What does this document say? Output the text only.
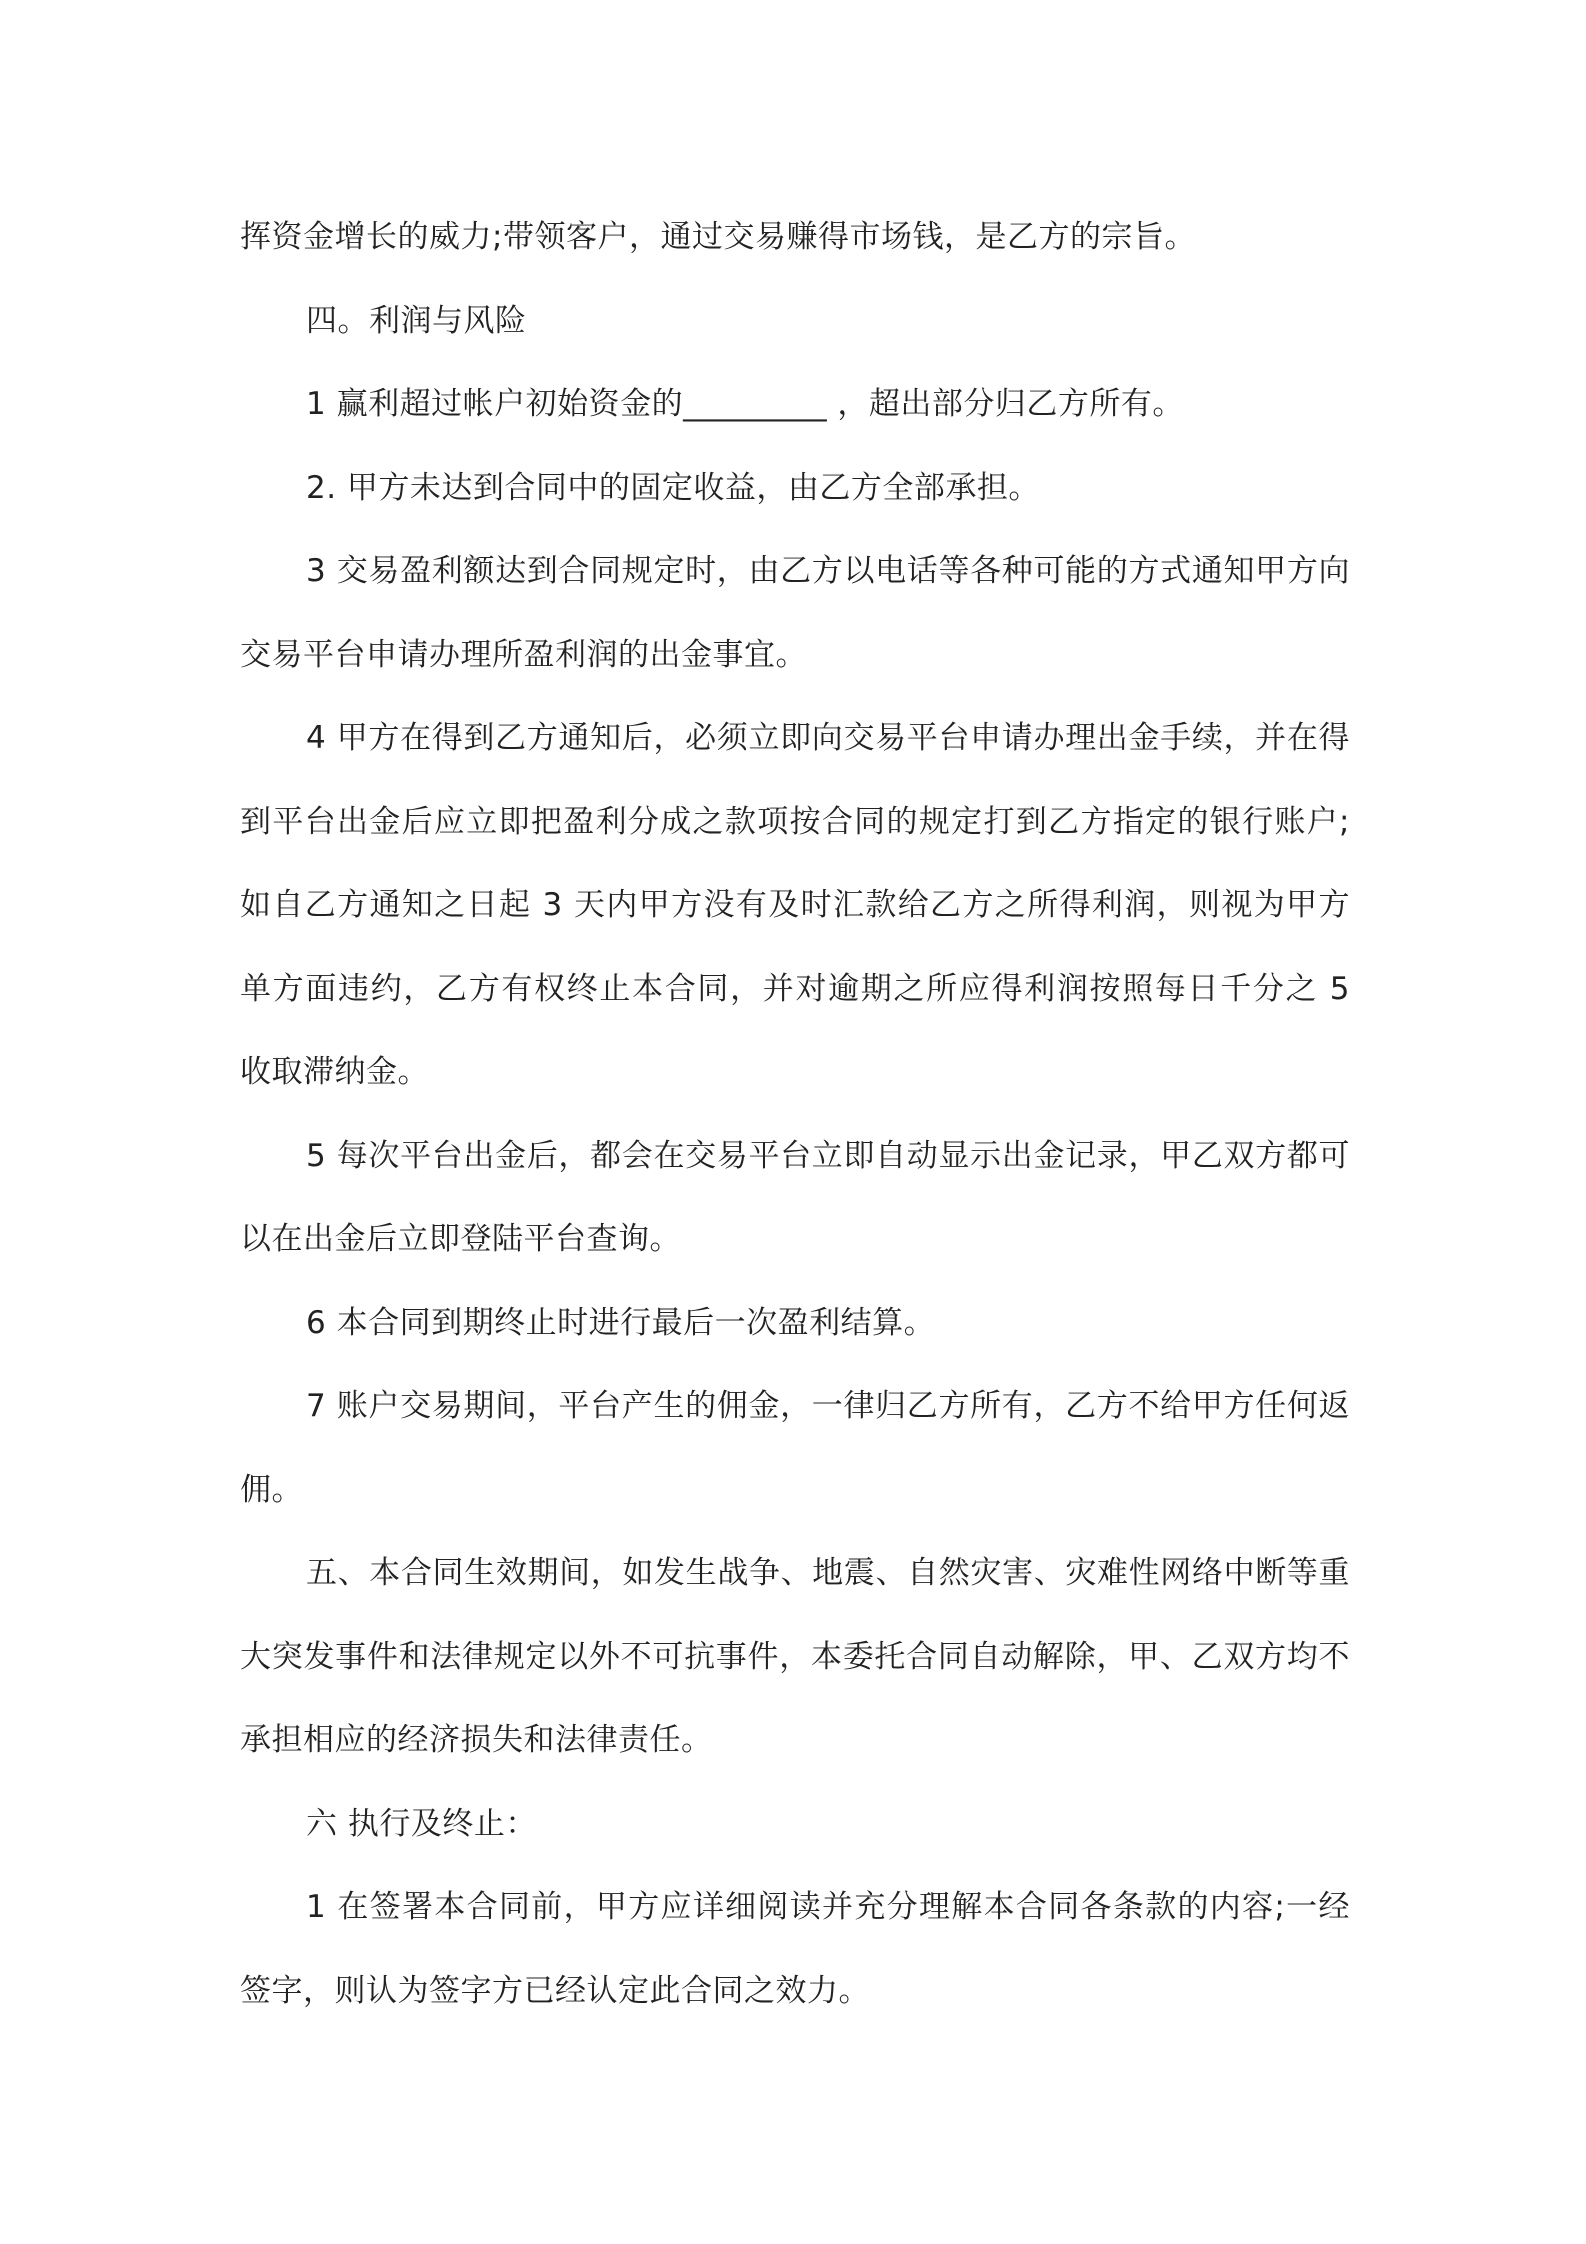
挥资金增长的威力;带领客户，通过交易赚得市场钱，是乙方的宗旨。

四。利润与风险

1 赢利超过帐户初始资金的_________ ，超出部分归乙方所有。

2. 甲方未达到合同中的固定收益，由乙方全部承担。

3 交易盈利额达到合同规定时，由乙方以电话等各种可能的方式通知甲方向交易平台申请办理所盈利润的出金事宜。

4 甲方在得到乙方通知后，必须立即向交易平台申请办理出金手续，并在得到平台出金后应立即把盈利分成之款项按合同的规定打到乙方指定的银行账户;如自乙方通知之日起 3 天内甲方没有及时汇款给乙方之所得利润，则视为甲方单方面违约，乙方有权终止本合同，并对逾期之所应得利润按照每日千分之 5 收取滞纳金。

5 每次平台出金后，都会在交易平台立即自动显示出金记录，甲乙双方都可以在出金后立即登陆平台查询。

6 本合同到期终止时进行最后一次盈利结算。

7 账户交易期间，平台产生的佣金，一律归乙方所有，乙方不给甲方任何返佣。

五、本合同生效期间，如发生战争、地震、自然灾害、灾难性网络中断等重大突发事件和法律规定以外不可抗事件，本委托合同自动解除，甲、乙双方均不承担相应的经济损失和法律责任。

六 执行及终止：

1 在签署本合同前，甲方应详细阅读并充分理解本合同各条款的内容;一经签字，则认为签字方已经认定此合同之效力。
